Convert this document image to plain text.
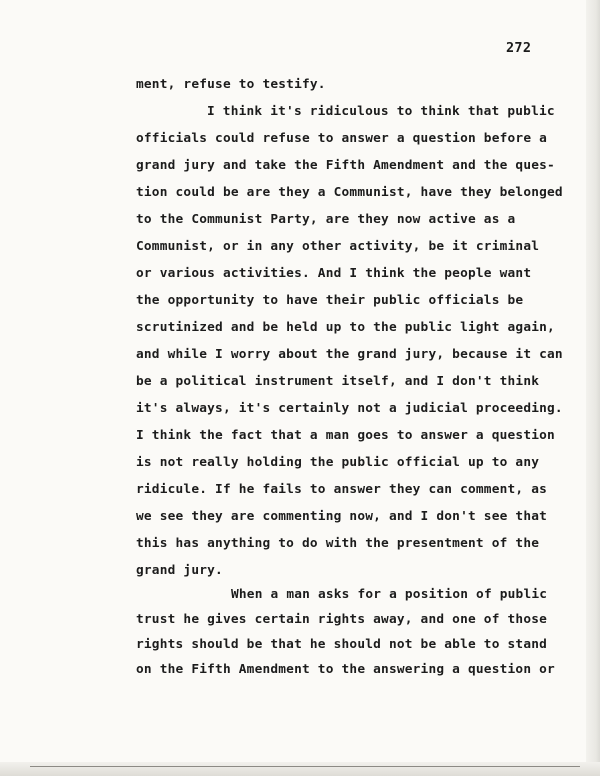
272
ment, refuse to testify.
I think it's ridiculous to think that public
officials could refuse to answer a question before a
grand jury and take the Fifth Amendment and the ques-
tion could be are they a Communist, have they belonged
to the Communist Party, are they now active as a
Communist, or in any other activity, be it criminal
or various activities. And I think the people want
the opportunity to have their public officials be
scrutinized and be held up to the public light again,
and while I worry about the grand jury, because it can
be a political instrument itself, and I don't think
it's always, it's certainly not a judicial proceeding.
I think the fact that a man goes to answer a question
is not really holding the public official up to any
ridicule. If he fails to answer they can comment, as
we see they are commenting now, and I don't see that
this has anything to do with the presentment of the
grand jury.
When a man asks for a position of public
trust he gives certain rights away, and one of those
rights should be that he should not be able to stand
on the Fifth Amendment to the answering a question or
